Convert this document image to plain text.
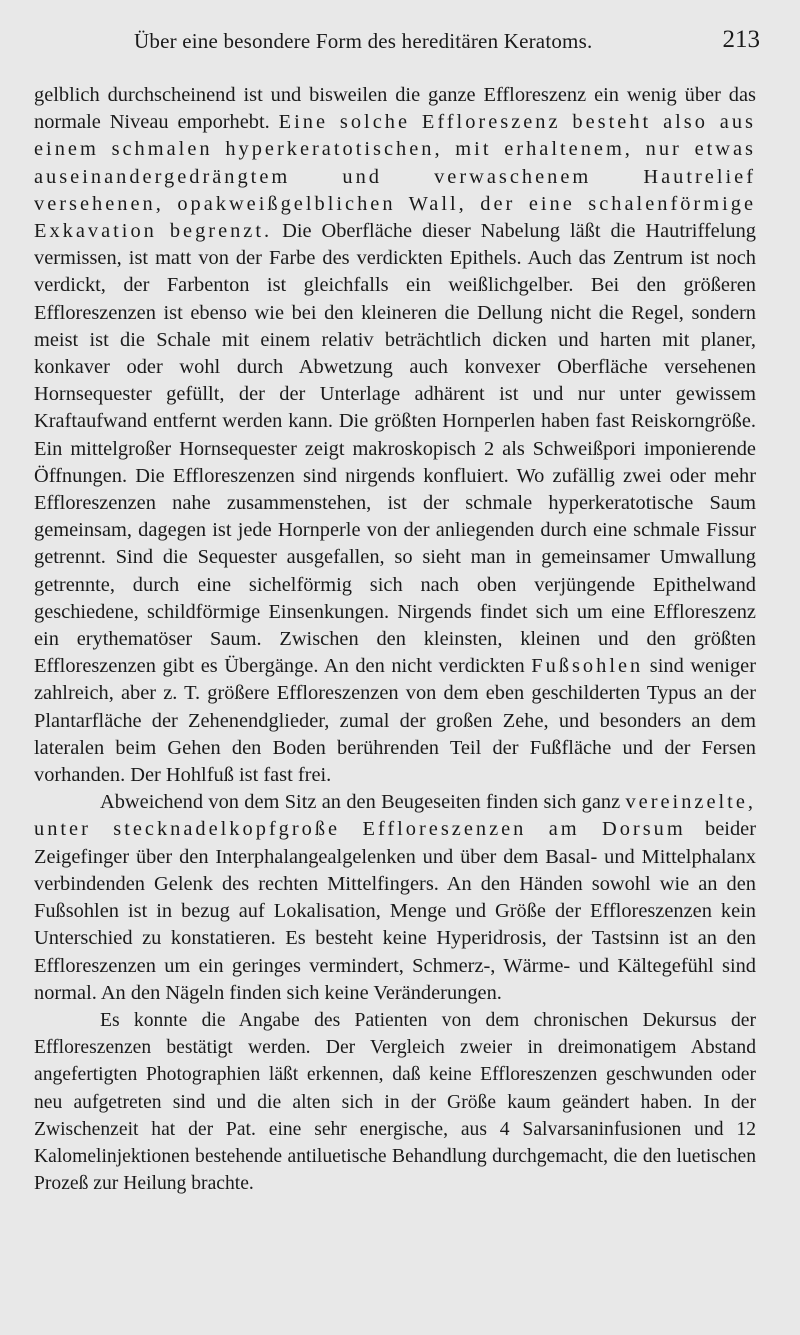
Über eine besondere Form des hereditären Keratoms.	213

gelblich durchscheinend ist und bisweilen die ganze Effloreszenz ein wenig über das normale Niveau emporhebt. Eine solche Effloreszenz besteht also aus einem schmalen hyperkeratotischen, mit erhaltenem, nur etwas auseinandergedrängtem und verwaschenem Hautrelief versehenen, opakweißgelblichen Wall, der eine schalenförmige Exkavation begrenzt. Die Oberfläche dieser Nabelung läßt die Hautriffelung vermissen, ist matt von der Farbe des verdickten Epithels. Auch das Zentrum ist noch verdickt, der Farbenton ist gleichfalls ein weißlichgelber. Bei den größeren Effloreszenzen ist ebenso wie bei den kleineren die Dellung nicht die Regel, sondern meist ist die Schale mit einem relativ beträchtlich dicken und harten mit planer, konkaver oder wohl durch Abwetzung auch konvexer Oberfläche versehenen Hornsequester gefüllt, der der Unterlage adhärent ist und nur unter gewissem Kraftaufwand entfernt werden kann. Die größten Hornperlen haben fast Reiskorngröße. Ein mittelgroßer Hornsequester zeigt makroskopisch 2 als Schweißpori imponierende Öffnungen. Die Effloreszenzen sind nirgends konfluiert. Wo zufällig zwei oder mehr Effloreszenzen nahe zusammenstehen, ist der schmale hyperkeratotische Saum gemeinsam, dagegen ist jede Hornperle von der anliegenden durch eine schmale Fissur getrennt. Sind die Sequester ausgefallen, so sieht man in gemeinsamer Umwallung getrennte, durch eine sichelförmig sich nach oben verjüngende Epithelwand geschiedene, schildförmige Einsenkungen. Nirgends findet sich um eine Effloreszenz ein erythematöser Saum. Zwischen den kleinsten, kleinen und den größten Effloreszenzen gibt es Übergänge. An den nicht verdickten Fußsohlen sind weniger zahlreich, aber z. T. größere Effloreszenzen von dem eben geschilderten Typus an der Plantarfläche der Zehenendglieder, zumal der großen Zehe, und besonders an dem lateralen beim Gehen den Boden berührenden Teil der Fußfläche und der Fersen vorhanden. Der Hohlfuß ist fast frei.

Abweichend von dem Sitz an den Beugeseiten finden sich ganz vereinzelte, unter stecknadelkopfgroße Effloreszenzen am Dorsum beider Zeigefinger über den Interphalangealgelenken und über dem Basal- und Mittelphalanx verbindenden Gelenk des rechten Mittelfingers. An den Händen sowohl wie an den Fußsohlen ist in bezug auf Lokalisation, Menge und Größe der Effloreszenzen kein Unterschied zu konstatieren. Es besteht keine Hyperidrosis, der Tastsinn ist an den Effloreszenzen um ein geringes vermindert, Schmerz-, Wärme- und Kältegefühl sind normal. An den Nägeln finden sich keine Veränderungen.

Es konnte die Angabe des Patienten von dem chronischen Dekursus der Effloreszenzen bestätigt werden. Der Vergleich zweier in dreimonatigem Abstand angefertigten Photographien läßt erkennen, daß keine Effloreszenzen geschwunden oder neu aufgetreten sind und die alten sich in der Größe kaum geändert haben. In der Zwischenzeit hat der Pat. eine sehr energische, aus 4 Salvarsaninfusionen und 12 Kalomelinjektionen bestehende antiluetische Behandlung durchgemacht, die den luetischen Prozeß zur Heilung brachte.
